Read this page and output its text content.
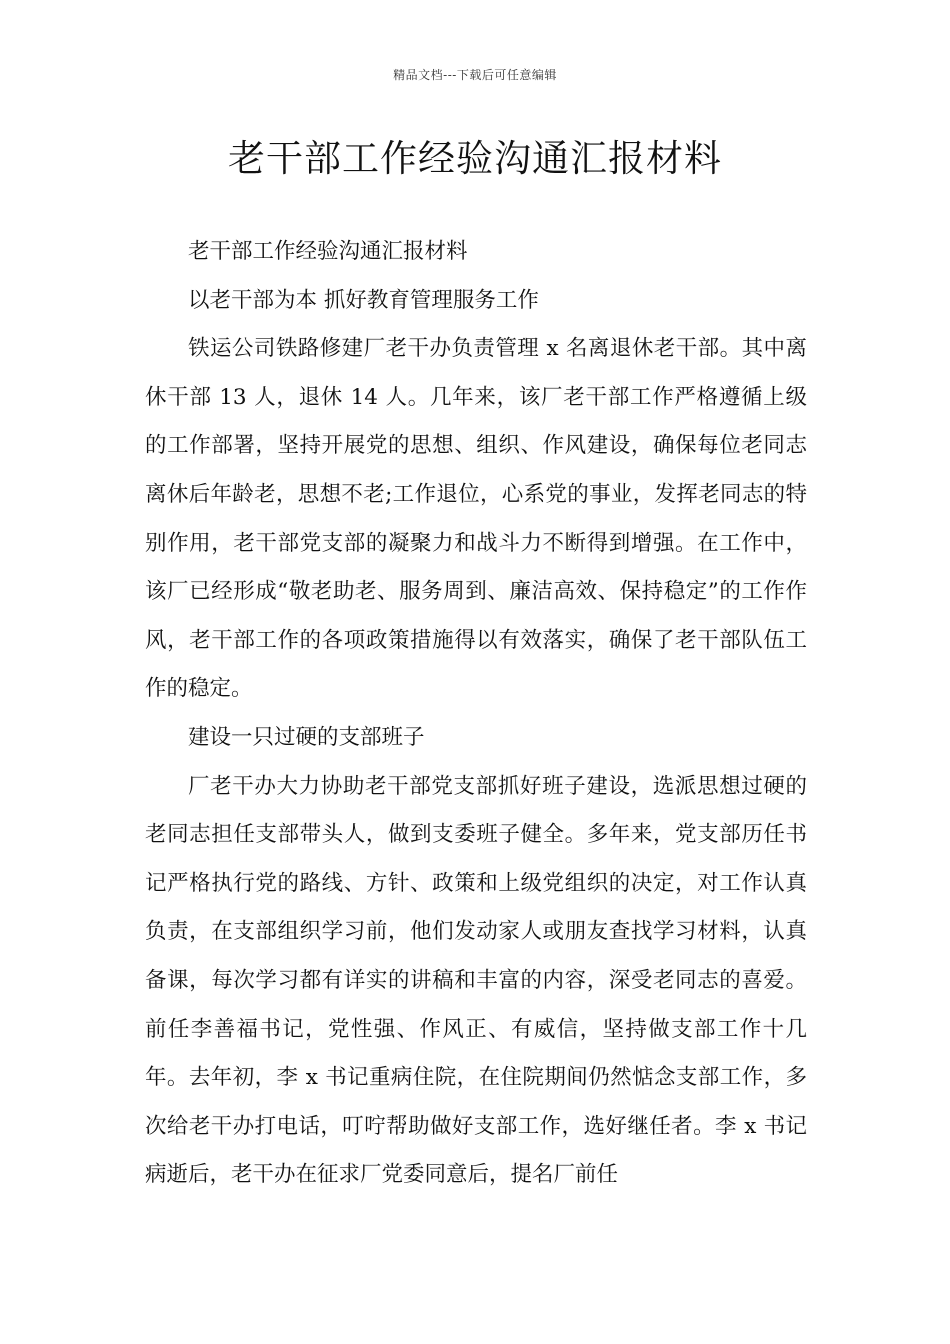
精品文档---下载后可任意编辑
老干部工作经验沟通汇报材料

老干部工作经验沟通汇报材料

以老干部为本 抓好教育管理服务工作

铁运公司铁路修建厂老干办负责管理 x 名离退休老干部。其中离休干部 13 人，退休 14 人。几年来，该厂老干部工作严格遵循上级的工作部署，坚持开展党的思想、组织、作风建设，确保每位老同志离休后年龄老，思想不老;工作退位，心系党的事业，发挥老同志的特别作用，老干部党支部的凝聚力和战斗力不断得到增强。在工作中，该厂已经形成“敬老助老、服务周到、廉洁高效、保持稳定”的工作作风，老干部工作的各项政策措施得以有效落实，确保了老干部队伍工作的稳定。

建设一只过硬的支部班子

厂老干办大力协助老干部党支部抓好班子建设，选派思想过硬的老同志担任支部带头人，做到支委班子健全。多年来，党支部历任书记严格执行党的路线、方针、政策和上级党组织的决定，对工作认真负责，在支部组织学习前，他们发动家人或朋友查找学习材料，认真备课，每次学习都有详实的讲稿和丰富的内容，深受老同志的喜爱。前任李善福书记，党性强、作风正、有威信，坚持做支部工作十几年。去年初，李 x 书记重病住院，在住院期间仍然惦念支部工作，多次给老干办打电话，叮咛帮助做好支部工作，选好继任者。李 x 书记病逝后，老干办在征求厂党委同意后，提名厂前任
